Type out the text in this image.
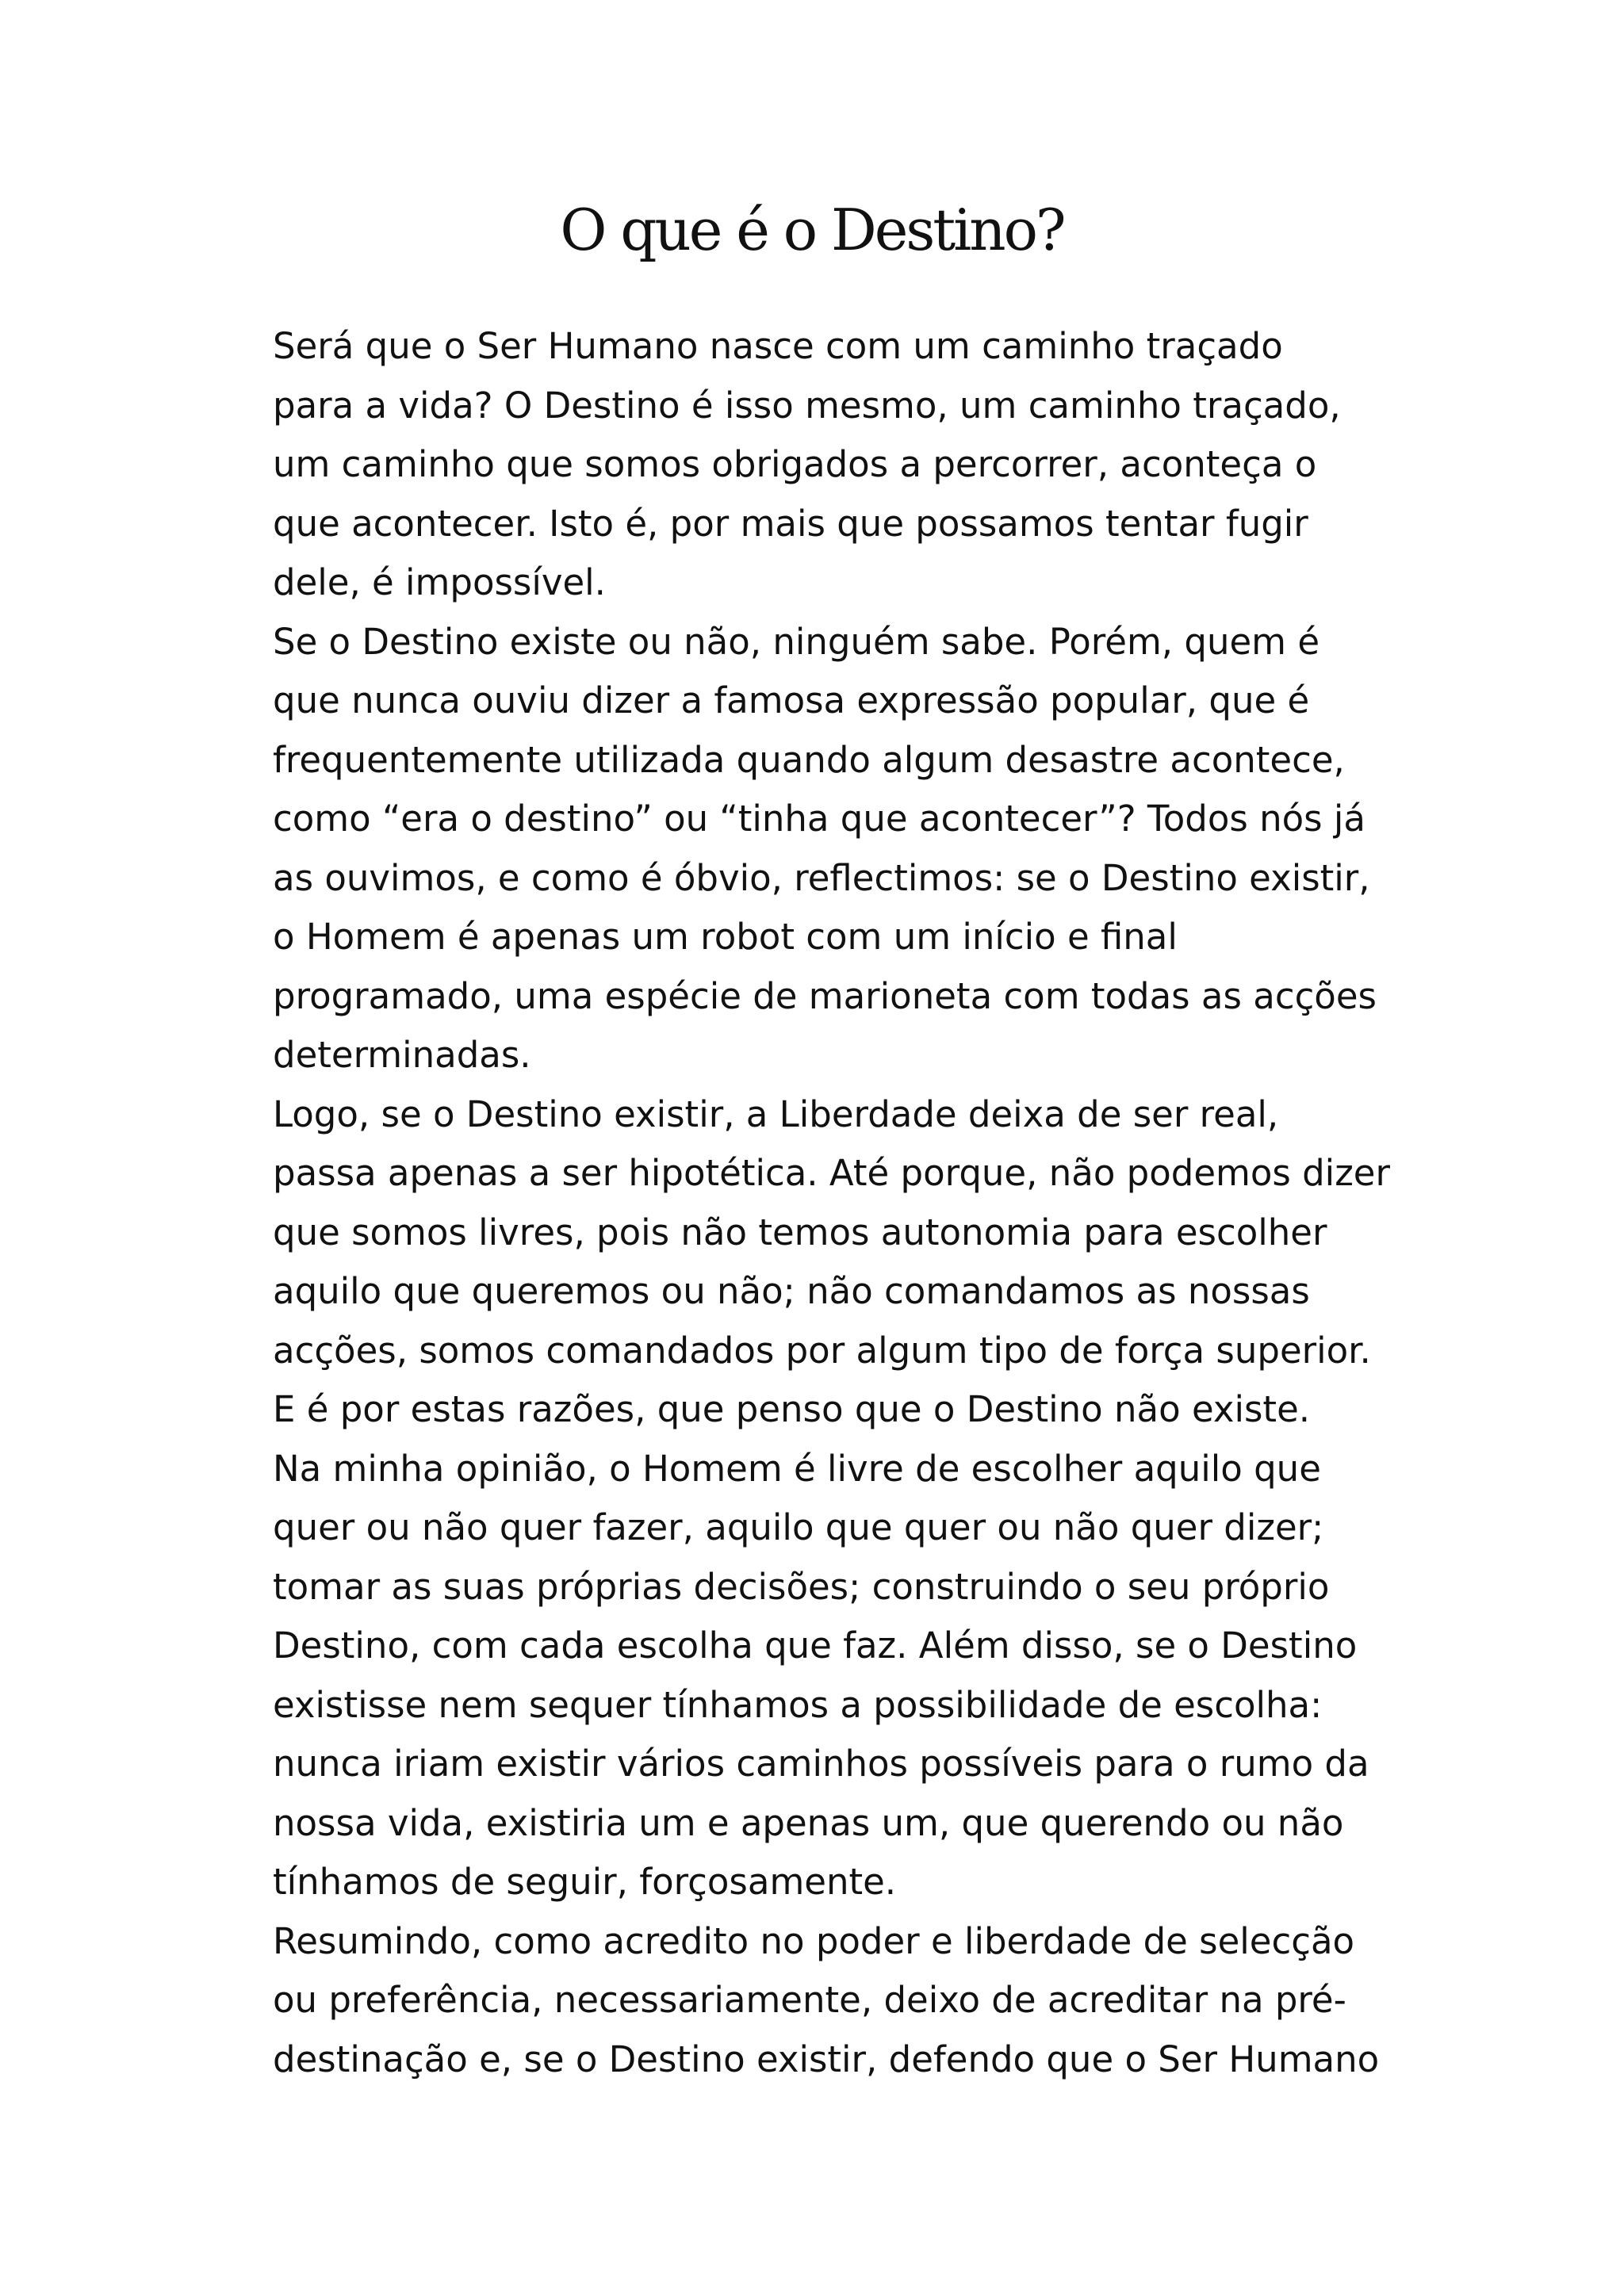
O que é o Destino?

Será que o Ser Humano nasce com um caminho traçado
para a vida? O Destino é isso mesmo, um caminho traçado,
um caminho que somos obrigados a percorrer, aconteça o
que acontecer. Isto é, por mais que possamos tentar fugir
dele, é impossível.

Se o Destino existe ou não, ninguém sabe. Porém, quem é
que nunca ouviu dizer a famosa expressão popular, que é
frequentemente utilizada quando algum desastre acontece,
como “era o destino” ou “tinha que acontecer”? Todos nós já
as ouvimos, e como é óbvio, reflectimos: se o Destino existir,
o Homem é apenas um robot com um início e final
programado, uma espécie de marioneta com todas as acções
determinadas.

Logo, se o Destino existir, a Liberdade deixa de ser real,
passa apenas a ser hipotética. Até porque, não podemos dizer
que somos livres, pois não temos autonomia para escolher
aquilo que queremos ou não; não comandamos as nossas
acções, somos comandados por algum tipo de força superior.

E é por estas razões, que penso que o Destino não existe.
Na minha opinião, o Homem é livre de escolher aquilo que
quer ou não quer fazer, aquilo que quer ou não quer dizer;
tomar as suas próprias decisões; construindo o seu próprio
Destino, com cada escolha que faz. Além disso, se o Destino
existisse nem sequer tínhamos a possibilidade de escolha:
nunca iriam existir vários caminhos possíveis para o rumo da
nossa vida, existiria um e apenas um, que querendo ou não
tínhamos de seguir, forçosamente.

Resumindo, como acredito no poder e liberdade de selecção
ou preferência, necessariamente, deixo de acreditar na pré-
destinação e, se o Destino existir, defendo que o Ser Humano
